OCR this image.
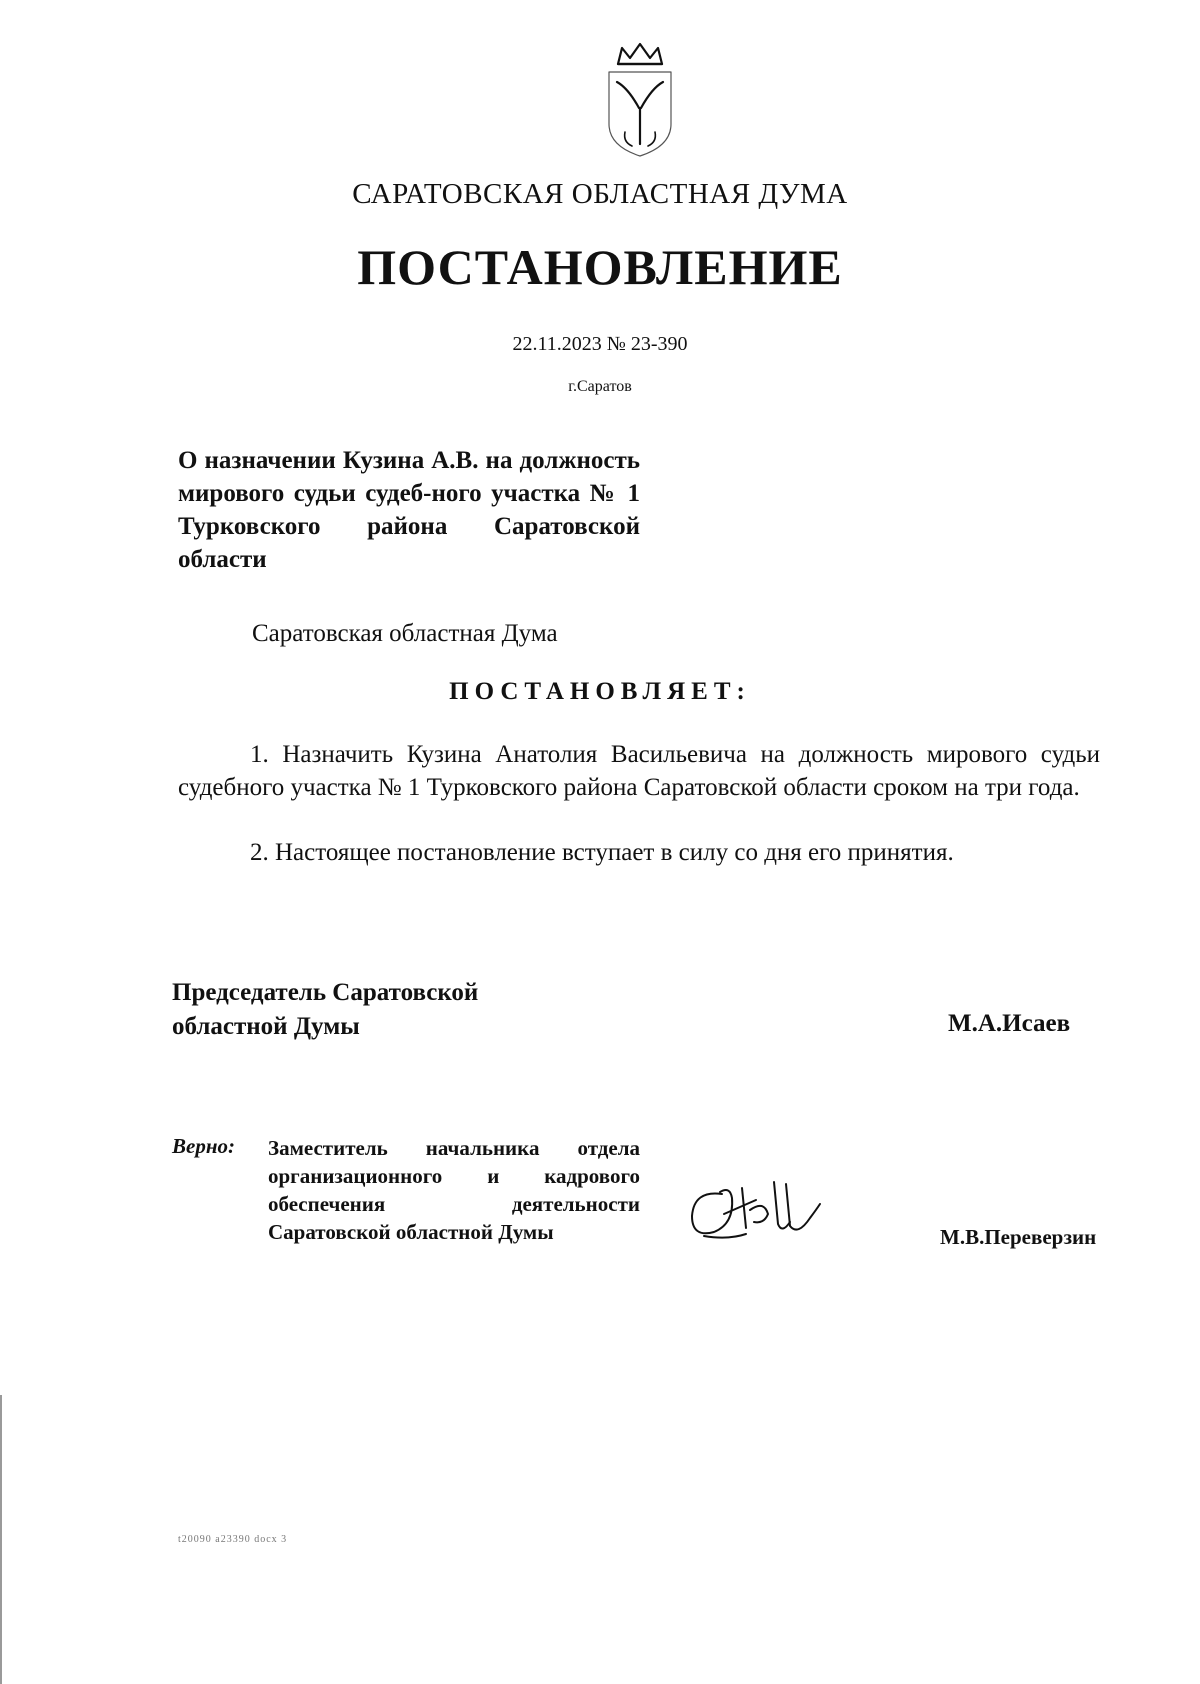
САРАТОВСКАЯ ОБЛАСТНАЯ ДУМА
ПОСТАНОВЛЕНИЕ
22.11.2023 № 23-390
г.Саратов
О назначении Кузина А.В. на должность мирового судьи судеб-ного участка № 1 Турковского района Саратовской области
Саратовская областная Дума
ПОСТАНОВЛЯЕТ:
1. Назначить Кузина Анатолия Васильевича на должность мирового судьи судебного участка № 1 Турковского района Саратовской области сроком на три года.
2. Настоящее постановление вступает в силу со дня его принятия.
Председатель Саратовской областной Думы	М.А.Исаев
Верно: Заместитель начальника отдела организационного и кадрового обеспечения деятельности Саратовской областной Думы	М.В.Переверзин
t20090 a23390 docx 3
